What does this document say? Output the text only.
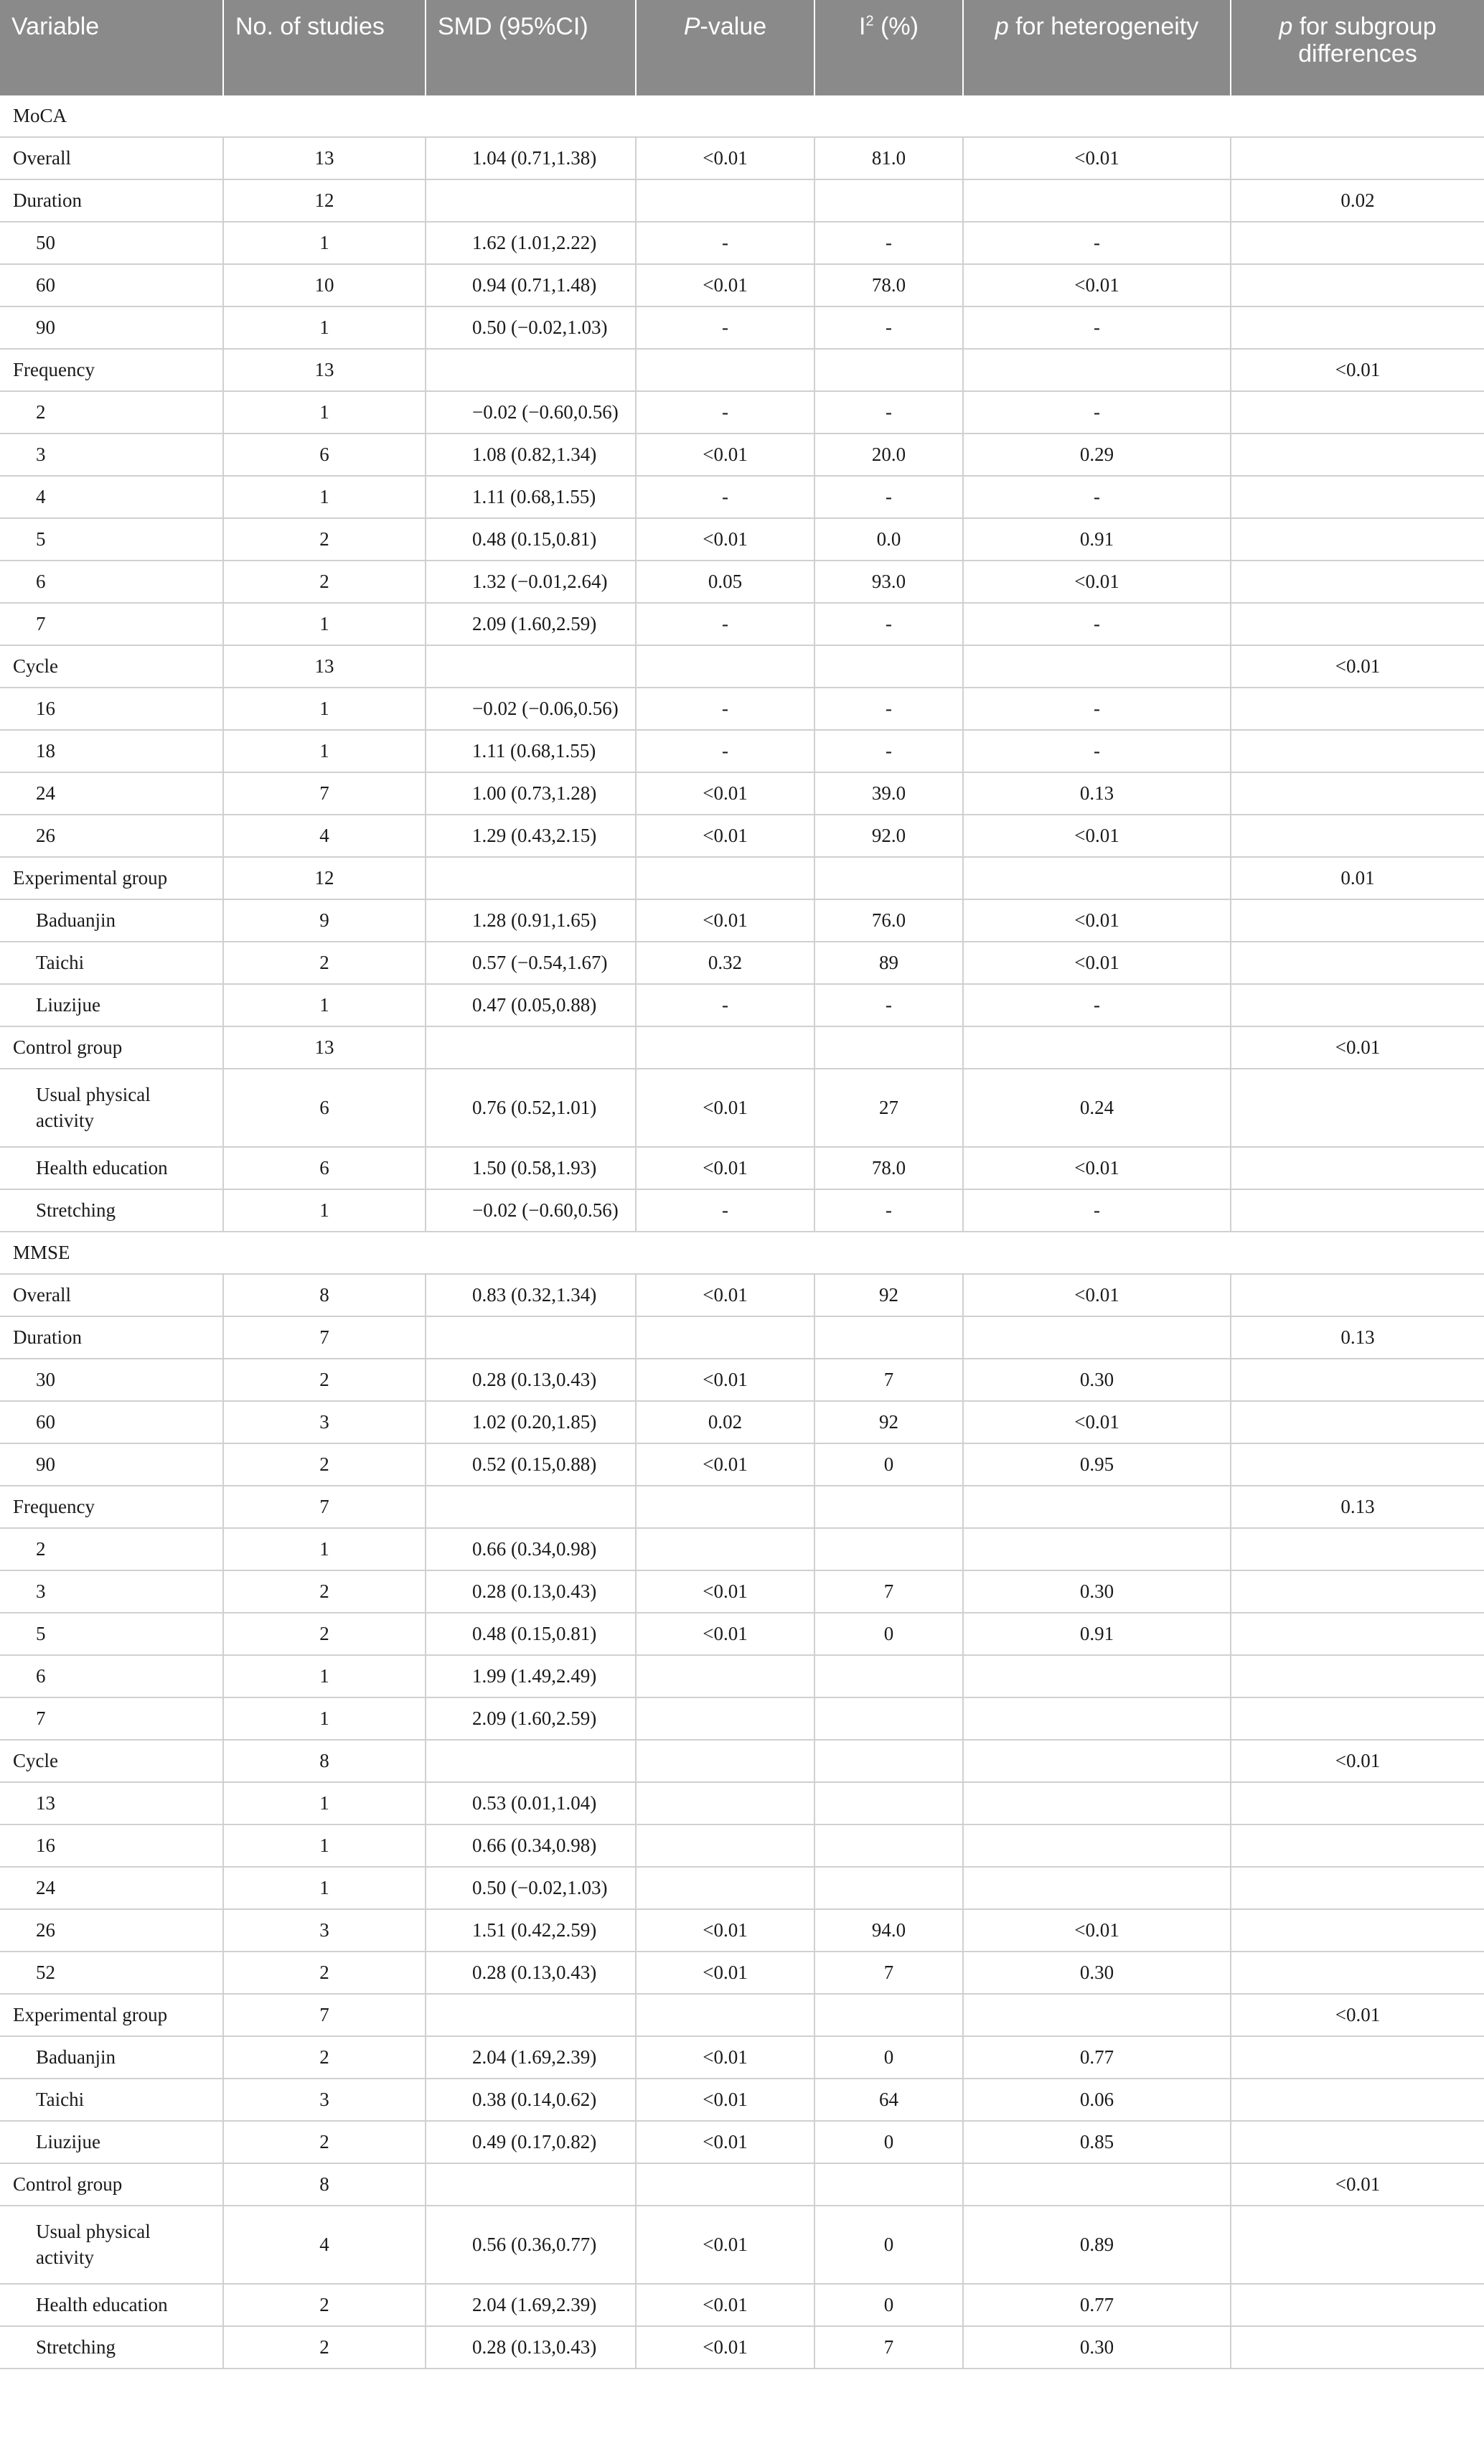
Variable	No. of studies	SMD (95%CI)	P-value	$I^2$ (%)	p for heterogeneity	p for subgroup differences
MoCA						
Overall	13	1.04 (0.71,1.38)	<0.01	81.0	<0.01	
Duration	12					0.02
50	1	1.62 (1.01,2.22)	-	-	-	
60	10	0.94 (0.71,1.48)	<0.01	78.0	<0.01	
90	1	0.50 (−0.02,1.03)	-	-	-	
Frequency	13					<0.01
2	1	−0.02 (−0.60,0.56)	-	-	-	
3	6	1.08 (0.82,1.34)	<0.01	20.0	0.29	
4	1	1.11 (0.68,1.55)	-	-	-	
5	2	0.48 (0.15,0.81)	<0.01	0.0	0.91	
6	2	1.32 (−0.01,2.64)	0.05	93.0	<0.01	
7	1	2.09 (1.60,2.59)	-	-	-	
Cycle	13					<0.01
16	1	−0.02 (−0.06,0.56)	-	-	-	
18	1	1.11 (0.68,1.55)	-	-	-	
24	7	1.00 (0.73,1.28)	<0.01	39.0	0.13	
26	4	1.29 (0.43,2.15)	<0.01	92.0	<0.01	
Experimental group	12					0.01
Baduanjin	9	1.28 (0.91,1.65)	<0.01	76.0	<0.01	
Taichi	2	0.57 (−0.54,1.67)	0.32	89	<0.01	
Liuzijue	1	0.47 (0.05,0.88)	-	-	-	
Control group	13					<0.01
Usual physical activity	6	0.76 (0.52,1.01)	<0.01	27	0.24	
Health education	6	1.50 (0.58,1.93)	<0.01	78.0	<0.01	
Stretching	1	−0.02 (−0.60,0.56)	-	-	-	
MMSE						
Overall	8	0.83 (0.32,1.34)	<0.01	92	<0.01	
Duration	7					0.13
30	2	0.28 (0.13,0.43)	<0.01	7	0.30	
60	3	1.02 (0.20,1.85)	0.02	92	<0.01	
90	2	0.52 (0.15,0.88)	<0.01	0	0.95	
Frequency	7					0.13
2	1	0.66 (0.34,0.98)				
3	2	0.28 (0.13,0.43)	<0.01	7	0.30	
5	2	0.48 (0.15,0.81)	<0.01	0	0.91	
6	1	1.99 (1.49,2.49)				
7	1	2.09 (1.60,2.59)				
Cycle	8					<0.01
13	1	0.53 (0.01,1.04)				
16	1	0.66 (0.34,0.98)				
24	1	0.50 (−0.02,1.03)				
26	3	1.51 (0.42,2.59)	<0.01	94.0	<0.01	
52	2	0.28 (0.13,0.43)	<0.01	7	0.30	
Experimental group	7					<0.01
Baduanjin	2	2.04 (1.69,2.39)	<0.01	0	0.77	
Taichi	3	0.38 (0.14,0.62)	<0.01	64	0.06	
Liuzijue	2	0.49 (0.17,0.82)	<0.01	0	0.85	
Control group	8					<0.01
Usual physical activity	4	0.56 (0.36,0.77)	<0.01	0	0.89	
Health education	2	2.04 (1.69,2.39)	<0.01	0	0.77	
Stretching	2	0.28 (0.13,0.43)	<0.01	7	0.30	
